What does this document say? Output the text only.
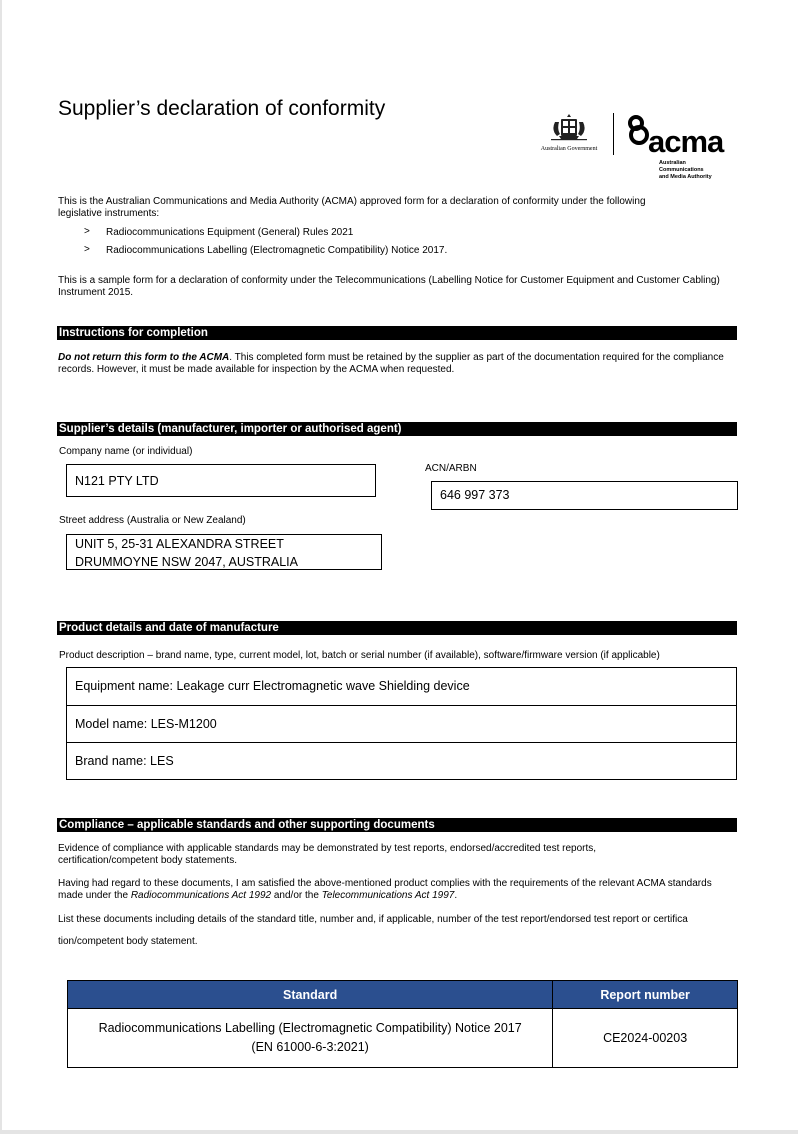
Supplier’s declaration of conformity
Australian Government acma
Australian
Communications
and Media Authority
This is the Australian Communications and Media Authority (ACMA) approved form for a declaration of conformity under the following legislative instruments:
> Radiocommunications Equipment (General) Rules 2021
> Radiocommunications Labelling (Electromagnetic Compatibility) Notice 2017.
This is a sample form for a declaration of conformity under the Telecommunications (Labelling Notice for Customer Equipment and Customer Cabling) Instrument 2015.
Instructions for completion
Do not return this form to the ACMA. This completed form must be retained by the supplier as part of the documentation required for the compliance records. However, it must be made available for inspection by the ACMA when requested.
Supplier’s details (manufacturer, importer or authorised agent)
Company name (or individual)
N121 PTY LTD
ACN/ARBN
646 997 373
Street address (Australia or New Zealand)
UNIT 5, 25-31 ALEXANDRA STREET
DRUMMOYNE NSW 2047, AUSTRALIA
Product details and date of manufacture
Product description – brand name, type, current model, lot, batch or serial number (if available), software/firmware version (if applicable)
Equipment name: Leakage curr Electromagnetic wave Shielding device
Model name: LES-M1200
Brand name: LES
Compliance – applicable standards and other supporting documents
Evidence of compliance with applicable standards may be demonstrated by test reports, endorsed/accredited test reports, certification/competent body statements.
Having had regard to these documents, I am satisfied the above-mentioned product complies with the requirements of the relevant ACMA standards made under the Radiocommunications Act 1992 and/or the Telecommunications Act 1997.
List these documents including details of the standard title, number and, if applicable, number of the test report/endorsed test report or certifica
tion/competent body statement.
Standard	Report number

Radiocommunications Labelling (Electromagnetic Compatibility) Notice 2017
(EN 61000-6-3:2021)	CE2024-00203
